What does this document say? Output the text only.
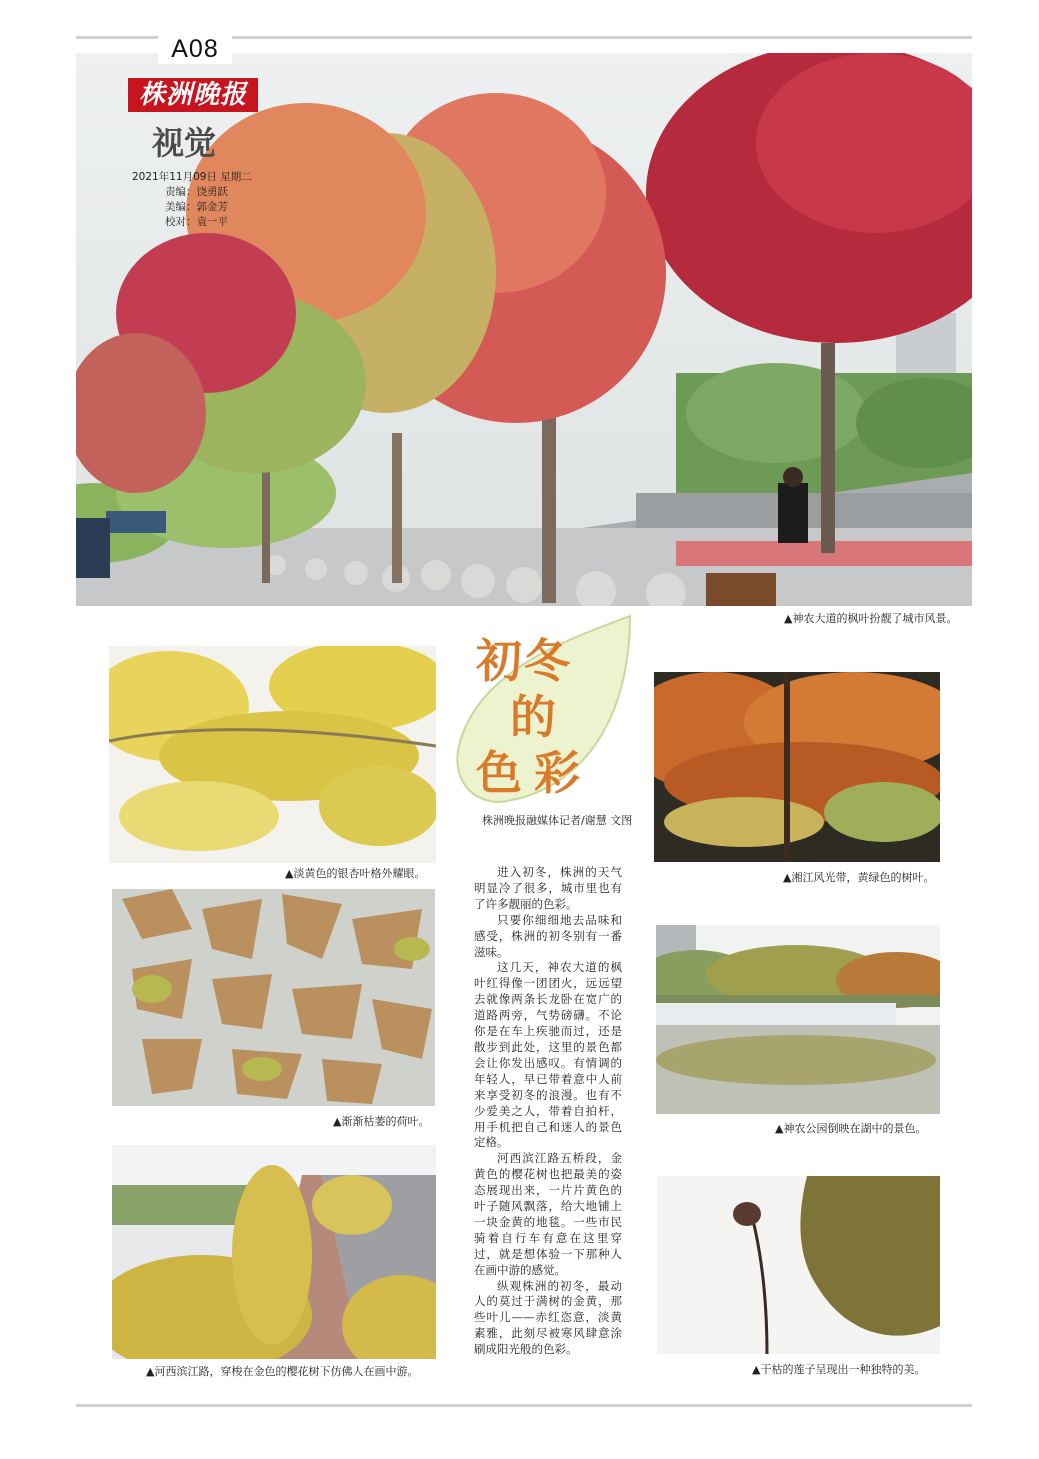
A08
株洲晚报
视觉
2021年11月09日 星期二
责编：饶勇跃
美编：郭金芳
校对：袁一平
▲神农大道的枫叶扮靓了城市风景。
▲淡黄色的银杏叶格外耀眼。
▲渐渐枯萎的荷叶。
▲河西滨江路，穿梭在金色的樱花树下仿佛人在画中游。
初 冬
的
色 彩
株洲晚报融媒体记者/谢慧 文图

进入初冬，株洲的天气明显冷了很多，城市里也有了许多靓丽的色彩。

只要你细细地去品味和感受，株洲的初冬别有一番滋味。

这几天，神农大道的枫叶红得像一团团火，远远望去就像两条长龙卧在宽广的道路两旁，气势磅礴。不论你是在车上疾驰而过，还是散步到此处，这里的景色都会让你发出感叹。有情调的年轻人，早已带着意中人前来享受初冬的浪漫。也有不少爱美之人，带着自拍杆，用手机把自己和迷人的景色定格。

河西滨江路五桥段，金黄色的樱花树也把最美的姿态展现出来，一片片黄色的叶子随风飘落，给大地铺上一块金黄的地毯。一些市民骑着自行车有意在这里穿过，就是想体验一下那种人在画中游的感觉。

纵观株洲的初冬，最动人的莫过于满树的金黄，那些叶儿——赤红恣意，淡黄素雅，此刻尽被寒风肆意涂刷成阳光般的色彩。

▲湘江风光带，黄绿色的树叶。
▲神农公园倒映在湖中的景色。
▲干枯的莲子呈现出一种独特的美。
